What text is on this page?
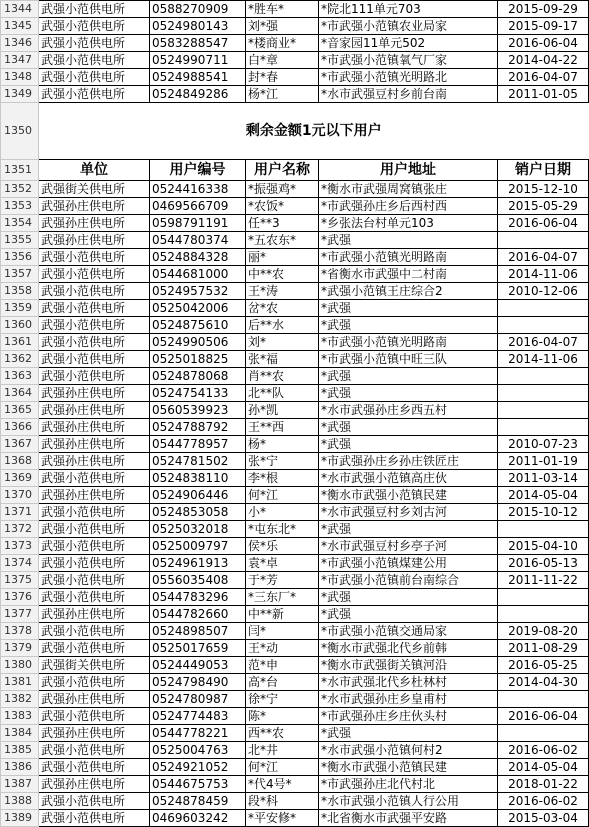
1344	武强小范供电所	0588270909	*胜车*	*院北111单元703	2015-09-29
1345	武强小范供电所	0524980143	刘*强	*市武强小范镇农业局家	2015-09-17
1346	武强小范供电所	0583288547	*楼商业*	*音家园11单元502	2016-06-04
1347	武强小范供电所	0524990711	白*章	*市武强小范镇氧气厂家	2014-04-22
1348	武强小范供电所	0524988541	封*春	*市武强小范镇光明路北	2016-04-07
1349	武强小范供电所	0524849286	杨*江	*水市武强豆村乡前台南	2011-01-05
1350	剩余金额1元以下用户				
1351	单位	用户编号	用户名称	用户地址	销户日期
1352	武强街关供电所	0524416338	*振强鸡*	*衡水市武强周窝镇张庄	2015-12-10
1353	武强孙庄供电所	0469566709	*农饭*	*市武强孙庄乡后西村西	2015-05-29
1354	武强孙庄供电所	0598791191	任**3	*乡张法台村单元103	2016-06-04
1355	武强孙庄供电所	0544780374	*五农东*	*武强	
1356	武强小范供电所	0524884328	丽*	*市武强小范镇光明路南	2016-04-07
1357	武强小范供电所	0544681000	中**农	*省衡水市武强中二村南	2014-11-06
1358	武强小范供电所	0524957532	王*涛	*武强小范镇王庄综合2	2010-12-06
1359	武强小范供电所	0525042006	岔*农	*武强	
1360	武强小范供电所	0524875610	后**水	*武强	
1361	武强小范供电所	0524990506	刘*	*市武强小范镇光明路南	2016-04-07
1362	武强小范供电所	0525018825	张*福	*市武强小范镇中旺三队	2014-11-06
1363	武强小范供电所	0524878068	肖**农	*武强	
1364	武强孙庄供电所	0524754133	北**队	*武强	
1365	武强孙庄供电所	0560539923	孙*凯	*水市武强孙庄乡西五村	
1366	武强孙庄供电所	0524788792	王**西	*武强	
1367	武强孙庄供电所	0544778957	杨*	*武强	2010-07-23
1368	武强孙庄供电所	0524781502	张*宁	*市武强孙庄乡孙庄铁匠庄	2011-01-19
1369	武强小范供电所	0524838110	李*根	*水市武强小范镇高庄伙	2011-03-14
1370	武强孙庄供电所	0524906446	何*江	*衡水市武强小范镇民建	2014-05-04
1371	武强小范供电所	0524853058	小*	*水市武强豆村乡刘古河	2015-10-12
1372	武强小范供电所	0525032018	*屯东北*	*武强	
1373	武强小范供电所	0525009797	侯*乐	*水市武强豆村乡亭子河	2015-04-10
1374	武强小范供电所	0524961913	袁*卓	*市武强小范镇煤建公用	2016-05-13
1375	武强小范供电所	0556035408	于*芳	*市武强小范镇前台南综合	2011-11-22
1376	武强小范供电所	0544783296	*三东厂*	*武强	
1377	武强孙庄供电所	0544782660	中**新	*武强	
1378	武强小范供电所	0524898507	闫*	*市武强小范镇交通局家	2019-08-20
1379	武强小范供电所	0525017659	王*动	*衡水市武强北代乡前韩	2011-08-29
1380	武强街关供电所	0524449053	范*申	*衡水市武强街关镇河沿	2016-05-25
1381	武强小范供电所	0524798490	高*台	*水市武强北代乡杜林村	2014-04-30
1382	武强孙庄供电所	0524780987	徐*宁	*水市武强孙庄乡皇甫村	
1383	武强小范供电所	0524774483	陈*	*市武强孙庄乡庄伙头村	2016-06-04
1384	武强孙庄供电所	0544778221	西**农	*武强	
1385	武强小范供电所	0525004763	北*井	*水市武强小范镇何村2	2016-06-02
1386	武强小范供电所	0524921052	何*江	*衡水市武强小范镇民建	2014-05-04
1387	武强孙庄供电所	0544675753	*代4号*	*市武强孙庄北代村北	2018-01-22
1388	武强小范供电所	0524878459	段*科	*水市武强小范镇人行公用	2016-06-02
1389	武强小范供电所	0469603242	*平安修*	*北省衡水市武强平安路	2015-03-04
